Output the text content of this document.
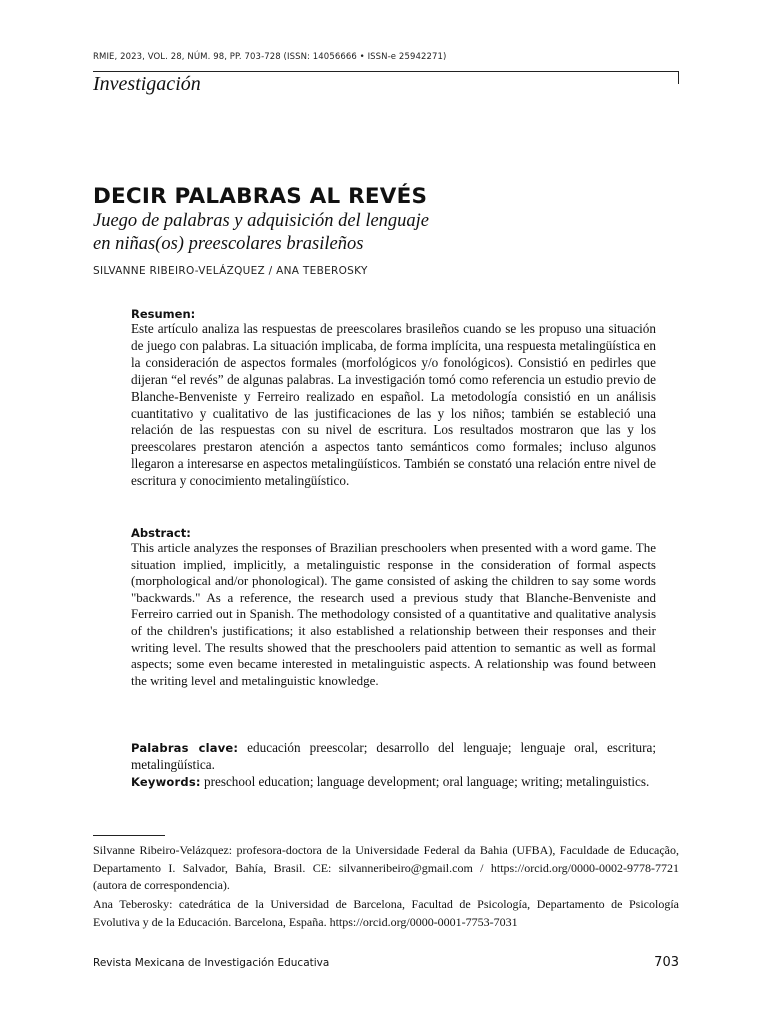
RMIE, 2023, VOL. 28, NÚM. 98, PP. 703-728 (ISSN: 14056666 • ISSN-e 25942271)
Investigación
DECIR PALABRAS AL REVÉS
Juego de palabras y adquisición del lenguaje
en niñas(os) preescolares brasileños
SILVANNE RIBEIRO-VELÁZQUEZ / ANA TEBEROSKY
Resumen:

Este artículo analiza las respuestas de preescolares brasileños cuando se les propuso una situación de juego con palabras. La situación implicaba, de forma implícita, una respuesta metalingüística en la consideración de aspectos formales (morfológicos y/o fonológicos). Consistió en pedirles que dijeran “el revés” de algunas palabras. La investigación tomó como referencia un estudio previo de Blanche-Benveniste y Ferreiro realizado en español. La metodología consistió en un análisis cuantitativo y cualitativo de las justificaciones de las y los niños; también se estableció una relación de las respuestas con su nivel de escritura. Los resultados mostraron que las y los preescolares prestaron atención a aspectos tanto semánticos como formales; incluso algunos llegaron a interesarse en aspectos metalingüísticos. También se constató una relación entre nivel de escritura y conocimiento metalingüístico.

Abstract:

This article analyzes the responses of Brazilian preschoolers when presented with a word game. The situation implied, implicitly, a metalinguistic response in the consideration of formal aspects (morphological and/or phonological). The game consisted of asking the children to say some words "backwards." As a reference, the research used a previous study that Blanche-Benveniste and Ferreiro carried out in Spanish. The methodology consisted of a quantitative and qualitative analysis of the children's justifications; it also established a relationship between their responses and their writing level. The results showed that the preschoolers paid attention to semantic as well as formal aspects; some even became interested in metalinguistic aspects. A relationship was found between the writing level and metalinguistic knowledge.

Palabras clave: educación preescolar; desarrollo del lenguaje; lenguaje oral, escritura; metalingüística.

Keywords: preschool education; language development; oral language; writing; metalinguistics.

Silvanne Ribeiro-Velázquez: profesora-doctora de la Universidade Federal da Bahia (UFBA), Faculdade de Educação, Departamento I. Salvador, Bahía, Brasil. CE: silvanneribeiro@gmail.com / https://orcid.org/0000-0002-9778-7721 (autora de correspondencia).

Ana Teberosky: catedrática de la Universidad de Barcelona, Facultad de Psicología, Departamento de Psicología Evolutiva y de la Educación. Barcelona, España. https://orcid.org/0000-0001-7753-7031

Revista Mexicana de Investigación Educativa	703
